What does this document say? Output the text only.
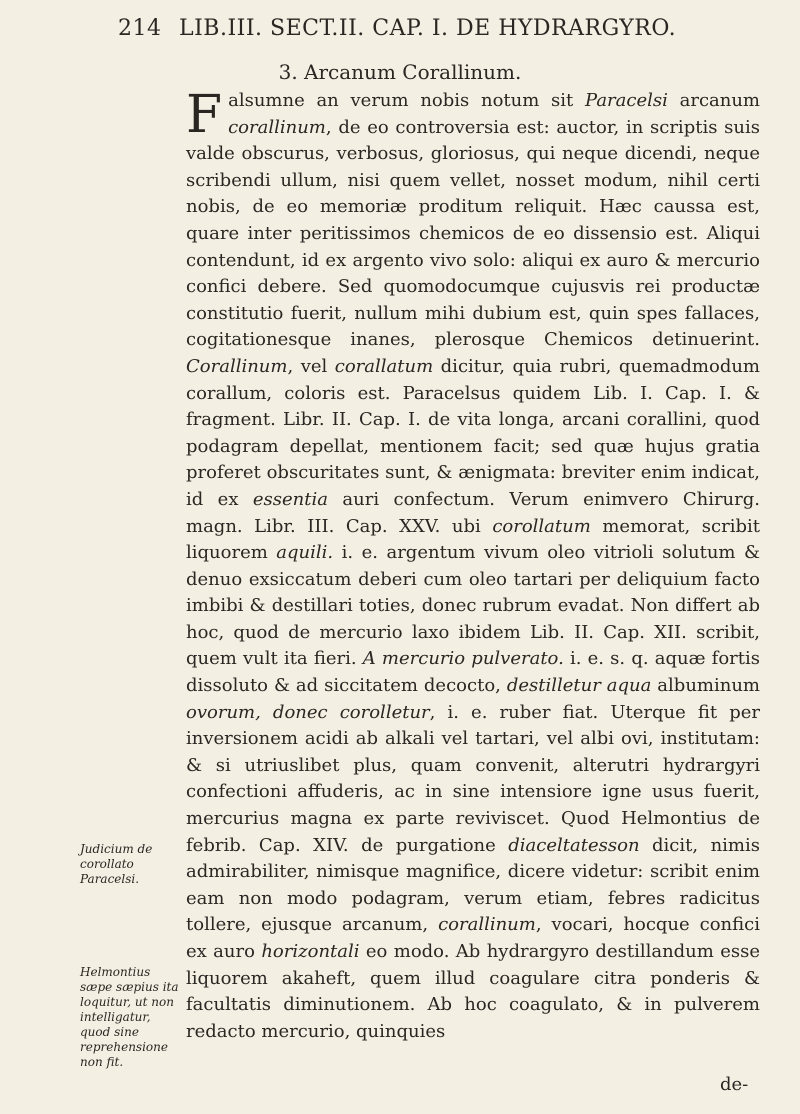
214 LIB.III. SECT.II. CAP. I. DE HYDRARGYRO.
3. Arcanum Corallinum.
F alsumne an verum nobis notum sit Paracelsi arcanum corallinum, de eo controversia est: auctor, in scriptis suis valde obscurus, verbosus, gloriosus, qui neque dicendi, neque scribendi ullum, nisi quem vellet, nosset modum, nihil certi nobis, de eo memoriæ proditum reliquit. Hæc caussa est, quare inter peritissimos chemicos de eo dissensio est. Aliqui contendunt, id ex argento vivo solo: aliqui ex auro & mercurio confici debere. Sed quomodocumque cujusvis rei productæ constitutio fuerit, nullum mihi dubium est, quin spes fallaces, cogitationesque inanes, plerosque Chemicos detinuerint. Corallinum, vel corallatum dicitur, quia rubri, quemadmodum corallum, coloris est. Paracelsus quidem Lib. I. Cap. I. & fragment. Libr. II. Cap. I. de vita longa, arcani corallini, quod podagram depellat, mentionem facit; sed quæ hujus gratia proferet obscuritates sunt, & ænigmata: breviter enim indicat, id ex essentia auri confectum. Verum enimvero Chirurg. magn. Libr. III. Cap. XXV. ubi corollatum memorat, scribit liquorem aquili. i. e. argentum vivum oleo vitrioli solutum & denuo exsiccatum deberi cum oleo tartari per deliquium facto imbibi & destillari toties, donec rubrum evadat. Non differt ab hoc, quod de mercurio laxo ibidem Lib. II. Cap. XII. scribit, quem vult ita fieri. A mercurio pulverato. i. e. s. q. aquæ fortis dissoluto & ad siccitatem decocto, destilletur aqua albuminum ovorum, donec corolletur, i. e. ruber fiat. Uterque fit per inversionem acidi ab alkali vel tartari, vel albi ovi, institutam: & si utriuslibet plus, quam convenit, alterutri hydrargyri confectioni affuderis, ac in sine intensiore igne usus fuerit, mercurius magna ex parte reviviscet. Quod Helmontius de febrib. Cap. XIV. de purgatione diaceltatesson dicit, nimis admirabiliter, nimisque magnifice, dicere videtur: scribit enim eam non modo podagram, verum etiam, febres radicitus tollere, ejusque arcanum, corallinum, vocari, hocque confici ex auro horizontali eo modo. Ab hydrargyro destillandum esse liquorem akaheft, quem illud coagulare citra ponderis & facultatis diminutionem. Ab hoc coagulato, & in pulverem redacto mercurio, quinquies
Judicium de corollato Paracelsi.
Helmontius sæpe sæpius ita loquitur, ut non intelligatur, quod sine reprehensione non fit.
de-
